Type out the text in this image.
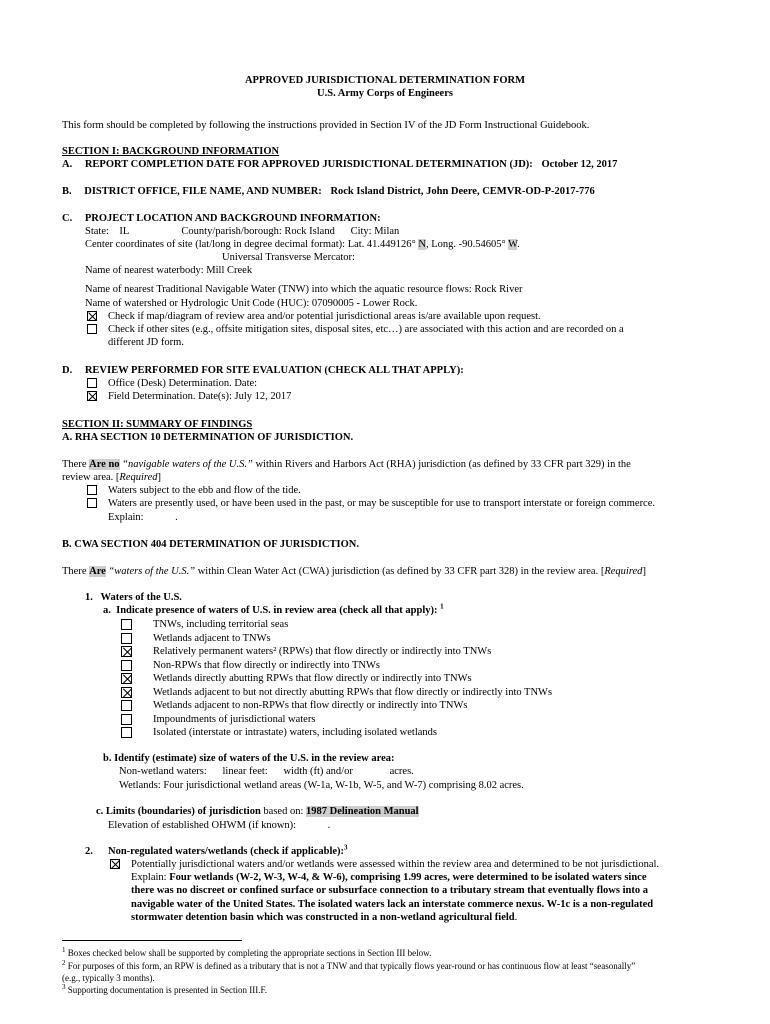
APPROVED JURISDICTIONAL DETERMINATION FORM
U.S. Army Corps of Engineers
This form should be completed by following the instructions provided in Section IV of the JD Form Instructional Guidebook.
SECTION I: BACKGROUND INFORMATION
A. REPORT COMPLETION DATE FOR APPROVED JURISDICTIONAL DETERMINATION (JD): October 12, 2017
B. DISTRICT OFFICE, FILE NAME, AND NUMBER: Rock Island District, John Deere, CEMVR-OD-P-2017-776
C. PROJECT LOCATION AND BACKGROUND INFORMATION:
State:    IL                    County/parish/borough: Rock Island      City: Milan
Center coordinates of site (lat/long in degree decimal format): Lat. 41.449126° N, Long. -90.54605° W.
Universal Transverse Mercator:
Name of nearest waterbody: Mill Creek
Name of nearest Traditional Navigable Water (TNW) into which the aquatic resource flows: Rock River
Name of watershed or Hydrologic Unit Code (HUC): 07090005 - Lower Rock.
Check if map/diagram of review area and/or potential jurisdictional areas is/are available upon request.
Check if other sites (e.g., offsite mitigation sites, disposal sites, etc…) are associated with this action and are recorded on a
different JD form.
D. REVIEW PERFORMED FOR SITE EVALUATION (CHECK ALL THAT APPLY):
Office (Desk) Determination. Date:
Field Determination. Date(s): July 12, 2017
SECTION II: SUMMARY OF FINDINGS
A. RHA SECTION 10 DETERMINATION OF JURISDICTION.
There Are no “navigable waters of the U.S.” within Rivers and Harbors Act (RHA) jurisdiction (as defined by 33 CFR part 329) in the
review area. [Required]
Waters subject to the ebb and flow of the tide.
Waters are presently used, or have been used in the past, or may be susceptible for use to transport interstate or foreign commerce.
Explain:            .
B. CWA SECTION 404 DETERMINATION OF JURISDICTION.
There Are “waters of the U.S.” within Clean Water Act (CWA) jurisdiction (as defined by 33 CFR part 328) in the review area. [Required]
1.   Waters of the U.S.
a.  Indicate presence of waters of U.S. in review area (check all that apply): $^1$
TNWs, including territorial seas
Wetlands adjacent to TNWs
Relatively permanent waters² (RPWs) that flow directly or indirectly into TNWs
Non-RPWs that flow directly or indirectly into TNWs
Wetlands directly abutting RPWs that flow directly or indirectly into TNWs
Wetlands adjacent to but not directly abutting RPWs that flow directly or indirectly into TNWs
Wetlands adjacent to non-RPWs that flow directly or indirectly into TNWs
Impoundments of jurisdictional waters
Isolated (interstate or intrastate) waters, including isolated wetlands
b. Identify (estimate) size of waters of the U.S. in the review area:
Non-wetland waters:      linear feet:      width (ft) and/or              acres.
Wetlands: Four jurisdictional wetland areas (W-1a, W-1b, W-5, and W-7) comprising 8.02 acres.
c. Limits (boundaries) of jurisdiction based on: 1987 Delineation Manual
Elevation of established OHWM (if known):            .
2. Non-regulated waters/wetlands (check if applicable):$^3$
Potentially jurisdictional waters and/or wetlands were assessed within the review area and determined to be not jurisdictional.
Explain: Four wetlands (W-2, W-3, W-4, & W-6), comprising 1.99 acres, were determined to be isolated waters since
there was no discreet or confined surface or subsurface connection to a tributary stream that eventually flows into a
navigable water of the United States. The isolated waters lack an interstate commerce nexus. W-1c is a non-regulated
stormwater detention basin which was constructed in a non-wetland agricultural field.
$^1$ Boxes checked below shall be supported by completing the appropriate sections in Section III below.
$^2$ For purposes of this form, an RPW is defined as a tributary that is not a TNW and that typically flows year-round or has continuous flow at least “seasonally”
(e.g., typically 3 months).
$^3$ Supporting documentation is presented in Section III.F.
